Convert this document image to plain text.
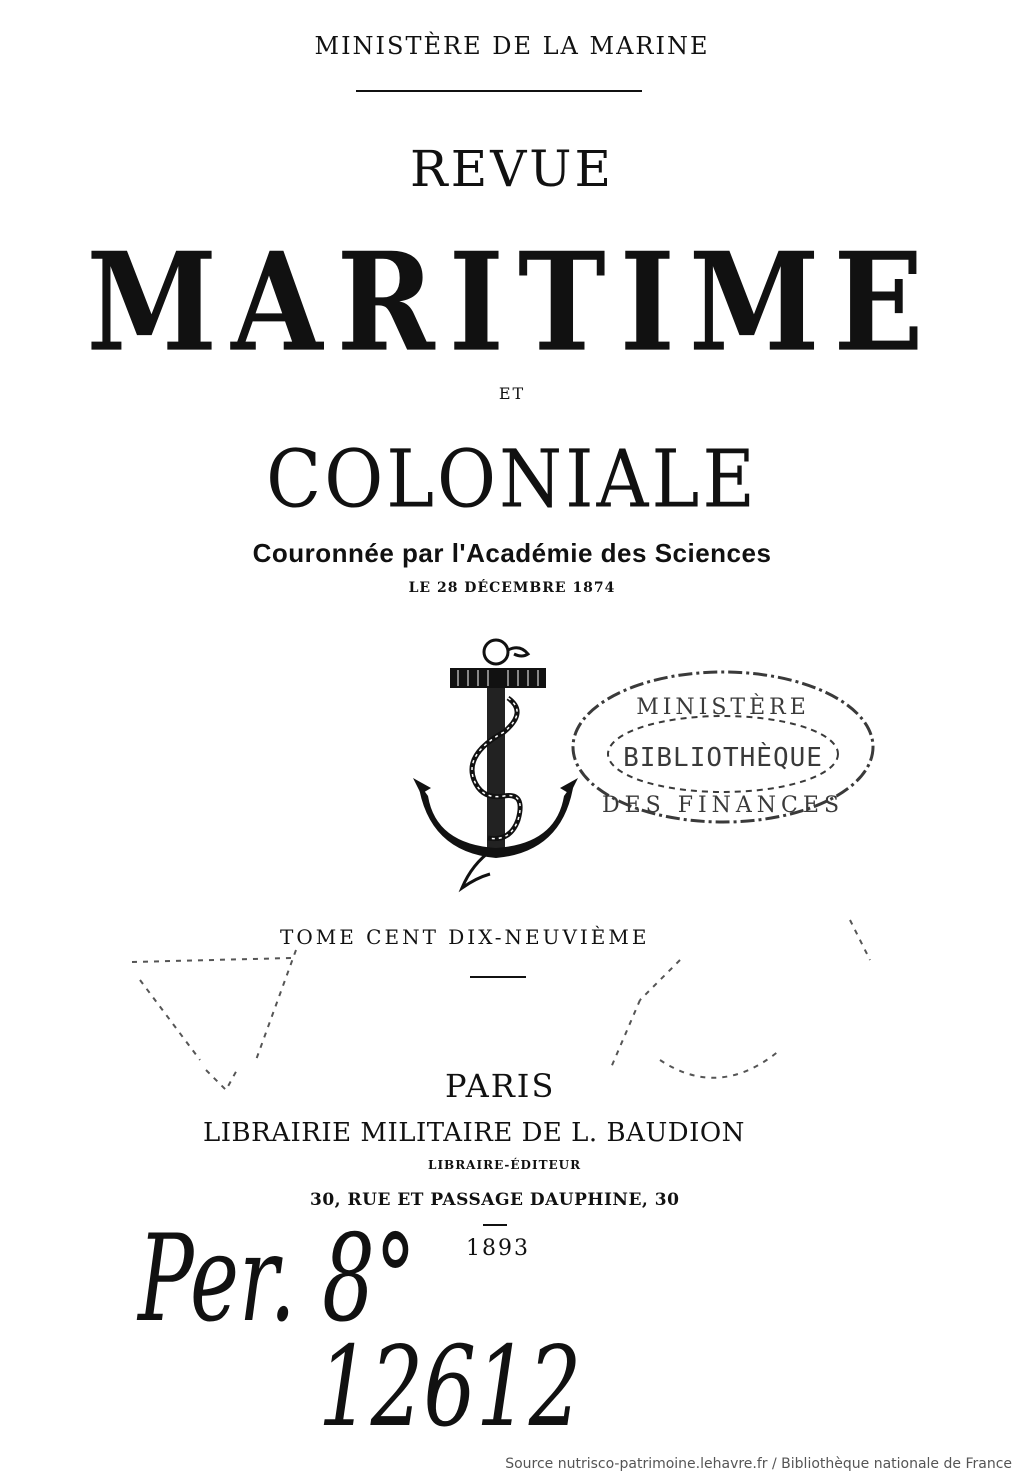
MINISTÈRE DE LA MARINE
REVUE
MARITIME
ET
COLONIALE
Couronnée par l'Académie des Sciences
LE 28 DÉCEMBRE 1874
MINISTÈRE
BIBLIOTHÈQUE
DES FINANCES
TOME CENT DIX-NEUVIÈME
PARIS
LIBRAIRIE MILITAIRE DE L. BAUDION
LIBRAIRE-ÉDITEUR
30, RUE ET PASSAGE DAUPHINE, 30
1893
Per. 8°
12612
Source nutrisco-patrimoine.lehavre.fr / Bibliothèque nationale de France
